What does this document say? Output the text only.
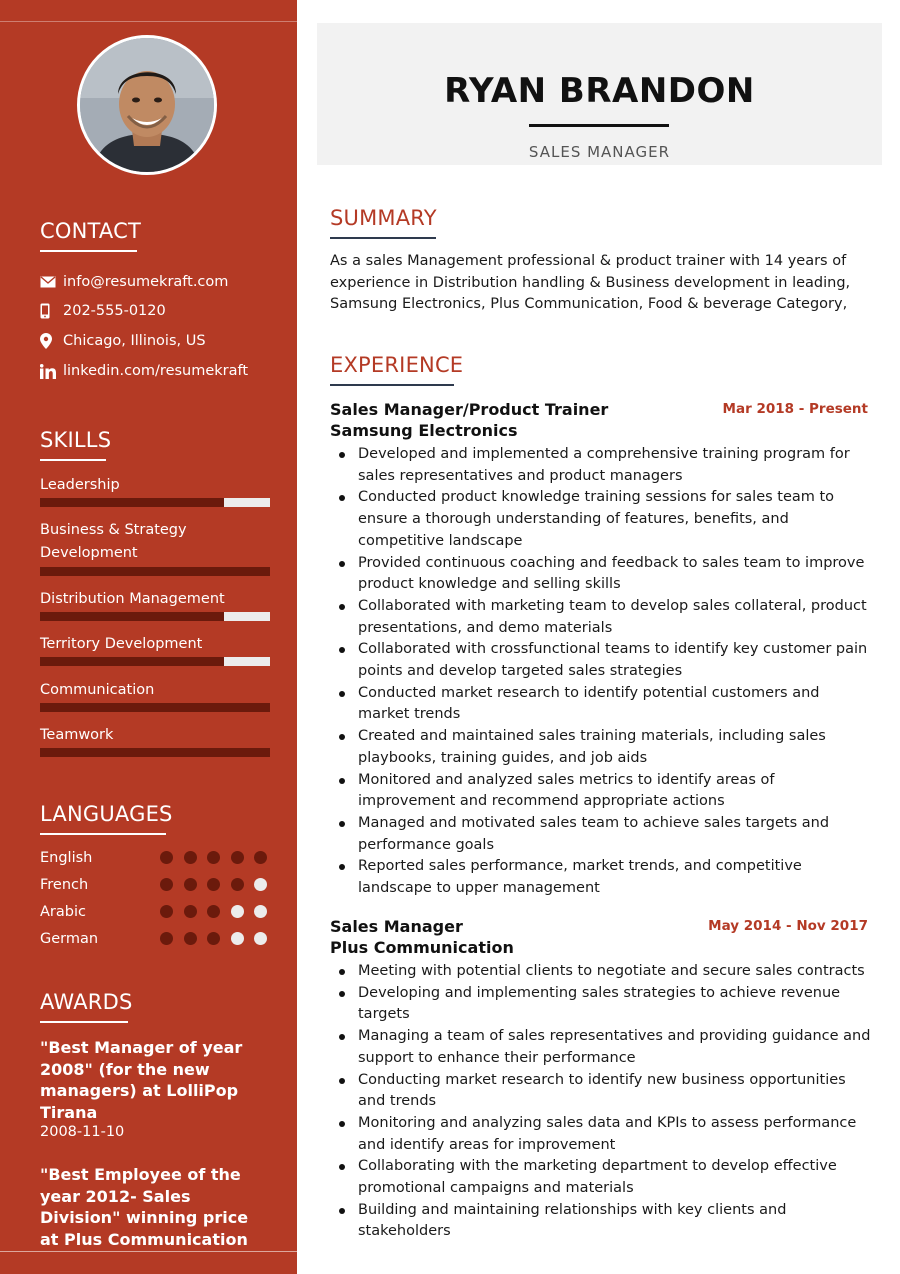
CONTACT
info@resumekraft.com
202-555-0120
Chicago, Illinois, US
linkedin.com/resumekraft
SKILLS
Leadership
Business & Strategy Development
Distribution Management
Territory Development
Communication
Teamwork
LANGUAGES
English
French
Arabic
German
AWARDS
"Best Manager of year 2008" (for the new managers) at LolliPop Tirana
2008-11-10
"Best Employee of the year 2012- Sales Division" winning price at Plus Communication
RYAN BRANDON
SALES MANAGER
SUMMARY

As a sales Management professional & product trainer with 14 years of experience in Distribution handling & Business development in leading, Samsung Electronics, Plus Communication, Food & beverage Category,

EXPERIENCE
Sales Manager/Product Trainer	Mar 2018 - Present
Samsung Electronics
Developed and implemented a comprehensive training program for sales representatives and product managers
Conducted product knowledge training sessions for sales team to ensure a thorough understanding of features, benefits, and competitive landscape
Provided continuous coaching and feedback to sales team to improve product knowledge and selling skills
Collaborated with marketing team to develop sales collateral, product presentations, and demo materials
Collaborated with crossfunctional teams to identify key customer pain points and develop targeted sales strategies
Conducted market research to identify potential customers and market trends
Created and maintained sales training materials, including sales playbooks, training guides, and job aids
Monitored and analyzed sales metrics to identify areas of improvement and recommend appropriate actions
Managed and motivated sales team to achieve sales targets and performance goals
Reported sales performance, market trends, and competitive landscape to upper management
Sales Manager	May 2014 - Nov 2017
Plus Communication
Meeting with potential clients to negotiate and secure sales contracts
Developing and implementing sales strategies to achieve revenue targets
Managing a team of sales representatives and providing guidance and support to enhance their performance
Conducting market research to identify new business opportunities and trends
Monitoring and analyzing sales data and KPIs to assess performance and identify areas for improvement
Collaborating with the marketing department to develop effective promotional campaigns and materials
Building and maintaining relationships with key clients and stakeholders
